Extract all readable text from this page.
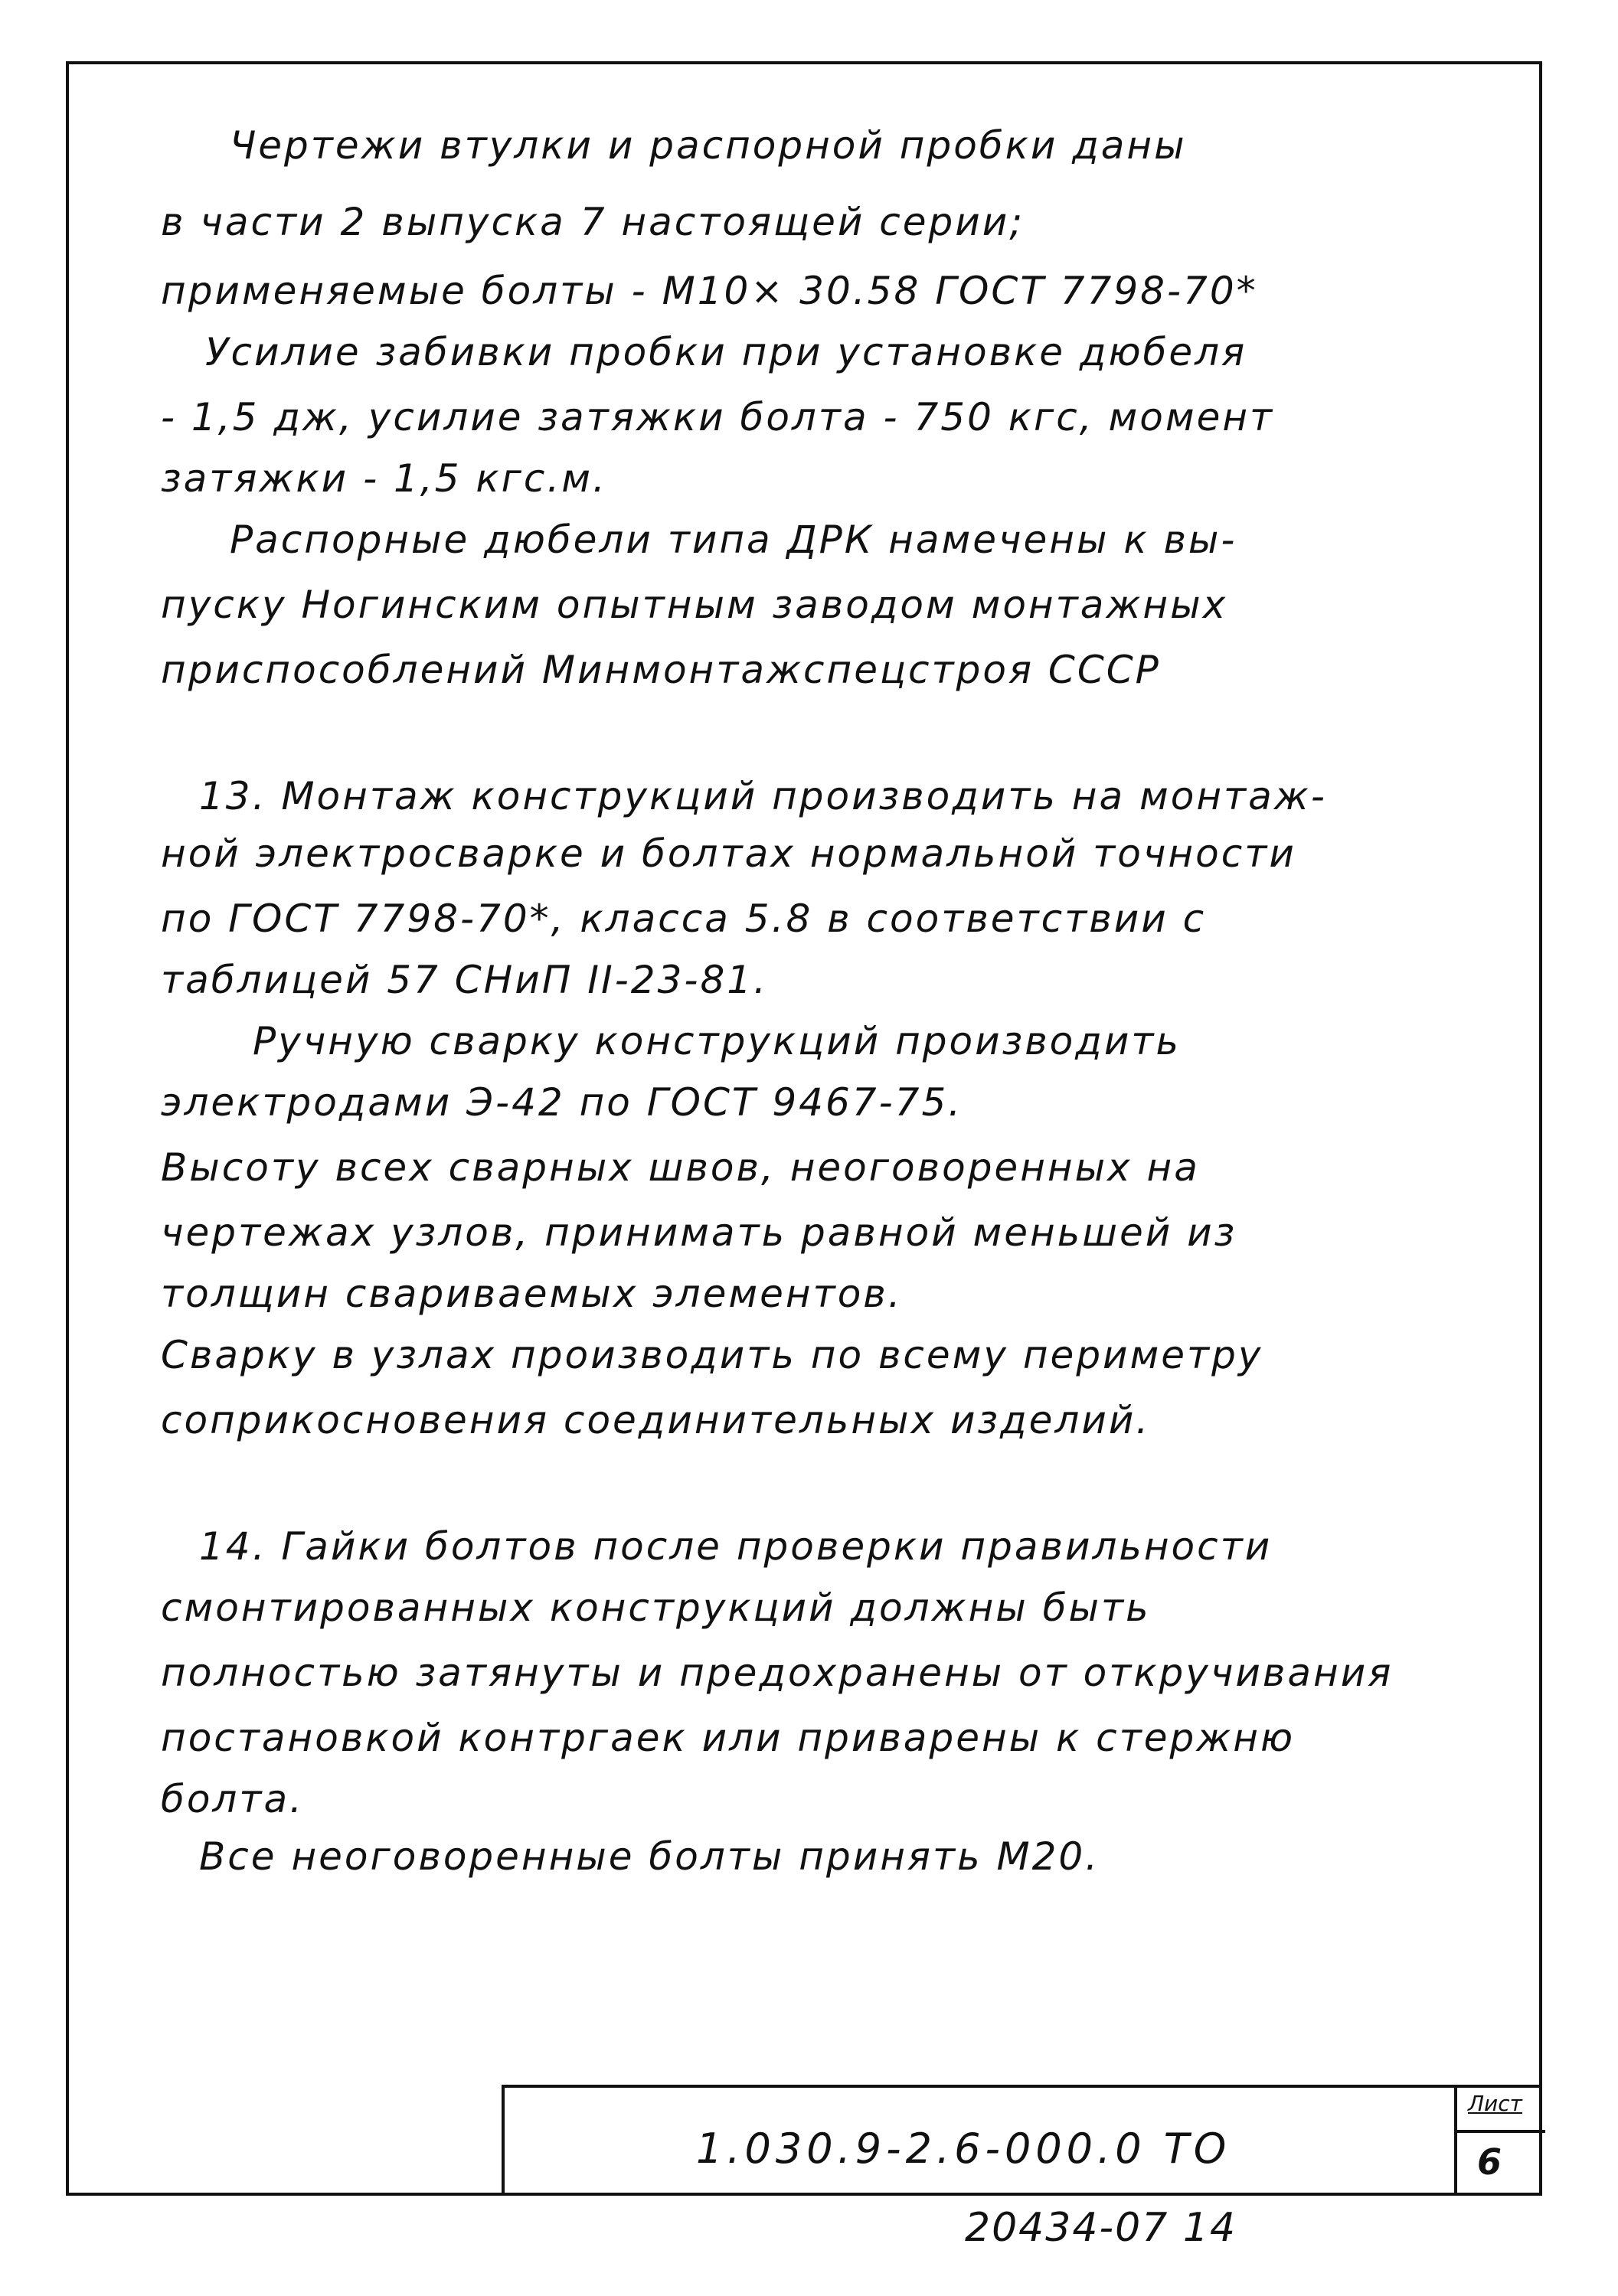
Чертежи втулки и распорной пробки даны
в части 2 выпуска 7 настоящей серии;
применяемые болты - M10× 30.58 ГОСТ 7798-70*
Усилие забивки пробки при установке дюбеля
- 1,5 дж, усилие затяжки болта - 750 кгс, момент
затяжки - 1,5 кгс.м.
Распорные дюбели типа ДРК намечены к вы-
пуску Ногинским опытным заводом монтажных
приспособлений Минмонтажспецстроя СССР
13. Монтаж конструкций производить на монтаж-
ной электросварке и болтах нормальной точности
по ГОСТ 7798-70*, класса 5.8 в соответствии с
таблицей 57 СНиП II-23-81.
Ручную сварку конструкций производить
электродами Э-42 по ГОСТ 9467-75.
Высоту всех сварных швов, неоговоренных на
чертежах узлов, принимать равной меньшей из
толщин свариваемых элементов.
Сварку в узлах производить по всему периметру
соприкосновения соединительных изделий.
14. Гайки болтов после проверки правильности
смонтированных конструкций должны быть
полностью затянуты и предохранены от откручивания
постановкой контргаек или приварены к стержню
болта.
Все неоговоренные болты принять М20.
1.030.9-2.6-000.0 ТО
Лист
6
20434-07 14
